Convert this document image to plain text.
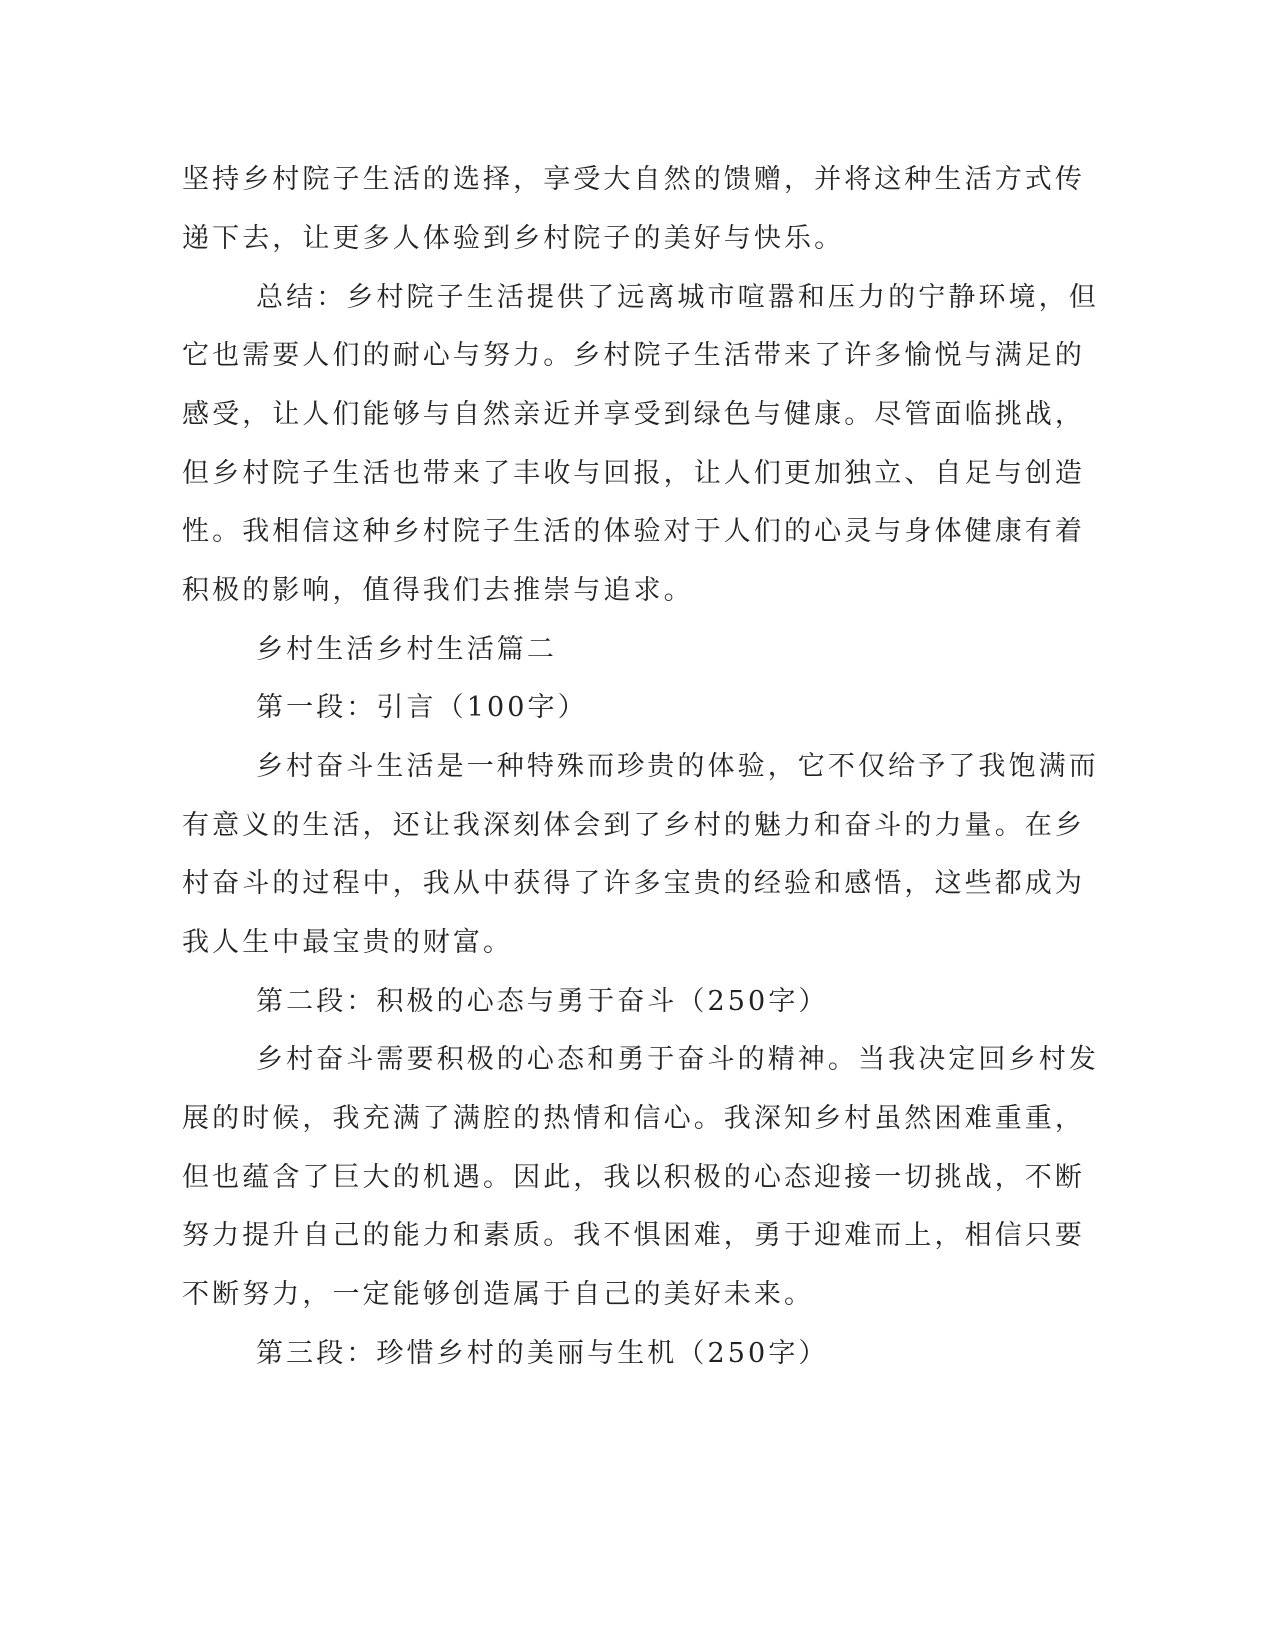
坚持乡村院子生活的选择，享受大自然的馈赠，并将这种生活方式传
递下去，让更多人体验到乡村院子的美好与快乐。
总结：乡村院子生活提供了远离城市喧嚣和压力的宁静环境，但
它也需要人们的耐心与努力。乡村院子生活带来了许多愉悦与满足的
感受，让人们能够与自然亲近并享受到绿色与健康。尽管面临挑战，
但乡村院子生活也带来了丰收与回报，让人们更加独立、自足与创造
性。我相信这种乡村院子生活的体验对于人们的心灵与身体健康有着
积极的影响，值得我们去推崇与追求。
乡村生活乡村生活篇二
第一段：引言（100字）
乡村奋斗生活是一种特殊而珍贵的体验，它不仅给予了我饱满而
有意义的生活，还让我深刻体会到了乡村的魅力和奋斗的力量。在乡
村奋斗的过程中，我从中获得了许多宝贵的经验和感悟，这些都成为
我人生中最宝贵的财富。
第二段：积极的心态与勇于奋斗（250字）
乡村奋斗需要积极的心态和勇于奋斗的精神。当我决定回乡村发
展的时候，我充满了满腔的热情和信心。我深知乡村虽然困难重重，
但也蕴含了巨大的机遇。因此，我以积极的心态迎接一切挑战，不断
努力提升自己的能力和素质。我不惧困难，勇于迎难而上，相信只要
不断努力，一定能够创造属于自己的美好未来。
第三段：珍惜乡村的美丽与生机（250字）
